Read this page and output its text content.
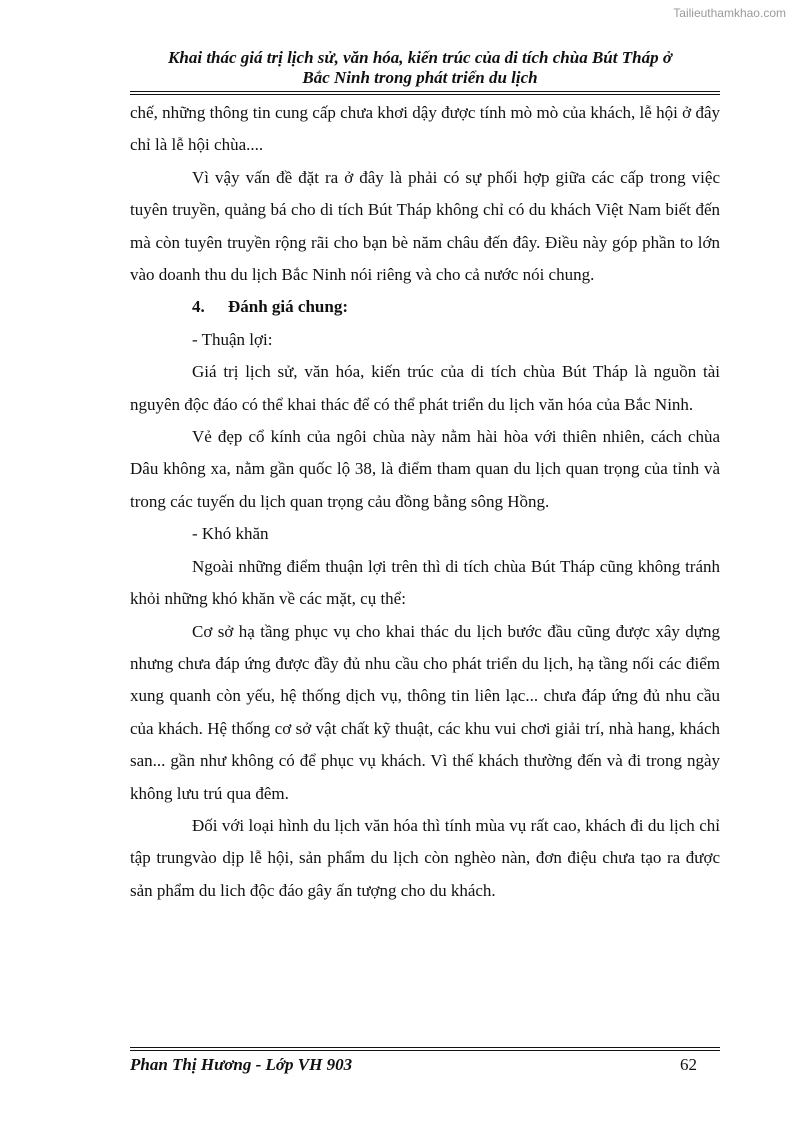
Tailieuthamkhao.com
Khai thác giá trị lịch sử, văn hóa, kiến trúc của di tích chùa Bút Tháp ở
Bắc Ninh trong phát triển du lịch

chế, những thông tin cung cấp chưa khơi dậy được tính mò mò của khách, lễ hội ở đây chỉ là lễ hội chùa....

Vì vậy vấn đề đặt ra ở đây là phải có sự phối hợp giữa các cấp trong việc tuyên truyền, quảng bá cho di tích Bút Tháp không chỉ có du khách Việt Nam biết đến mà còn tuyên truyền rộng rãi cho bạn bè năm châu đến đây. Điều này góp phần to lớn vào doanh thu du lịch Bắc Ninh nói riêng và cho cả nước nói chung.

4. Đánh giá chung:

- Thuận lợi:

Giá trị lịch sử, văn hóa, kiến trúc của di tích chùa Bút Tháp là nguồn tài nguyên độc đáo có thể khai thác để có thể phát triển du lịch văn hóa của Bắc Ninh.

Vẻ đẹp cổ kính của ngôi chùa này nằm hài hòa với thiên nhiên, cách chùa Dâu không xa, nằm gần quốc lộ 38, là điểm tham quan du lịch quan trọng của tỉnh và trong các tuyến du lịch quan trọng cảu đồng bằng sông Hồng.

- Khó khăn

Ngoài những điểm thuận lợi trên thì di tích chùa Bút Tháp cũng không tránh khỏi những khó khăn về các mặt, cụ thể:

Cơ sở hạ tầng phục vụ cho khai thác du lịch bước đầu cũng được xây dựng nhưng chưa đáp ứng được đầy đủ nhu cầu cho phát triển du lịch, hạ tầng nối các điểm xung quanh còn yếu, hệ thống dịch vụ, thông tin liên lạc... chưa đáp ứng đủ nhu cầu của khách. Hệ thống cơ sở vật chất kỹ thuật, các khu vui chơi giải trí, nhà hang, khách san... gần như không có để phục vụ khách. Vì thế khách thường đến và đi trong ngày không lưu trú qua đêm.

Đối với loại hình du lịch văn hóa thì tính mùa vụ rất cao, khách đi du lịch chỉ tập trungvào dịp lễ hội, sản phẩm du lịch còn nghèo nàn, đơn điệu chưa tạo ra được sản phẩm du lich độc đáo gây ấn tượng cho du khách.

Phan Thị Hương - Lớp VH 903	62
